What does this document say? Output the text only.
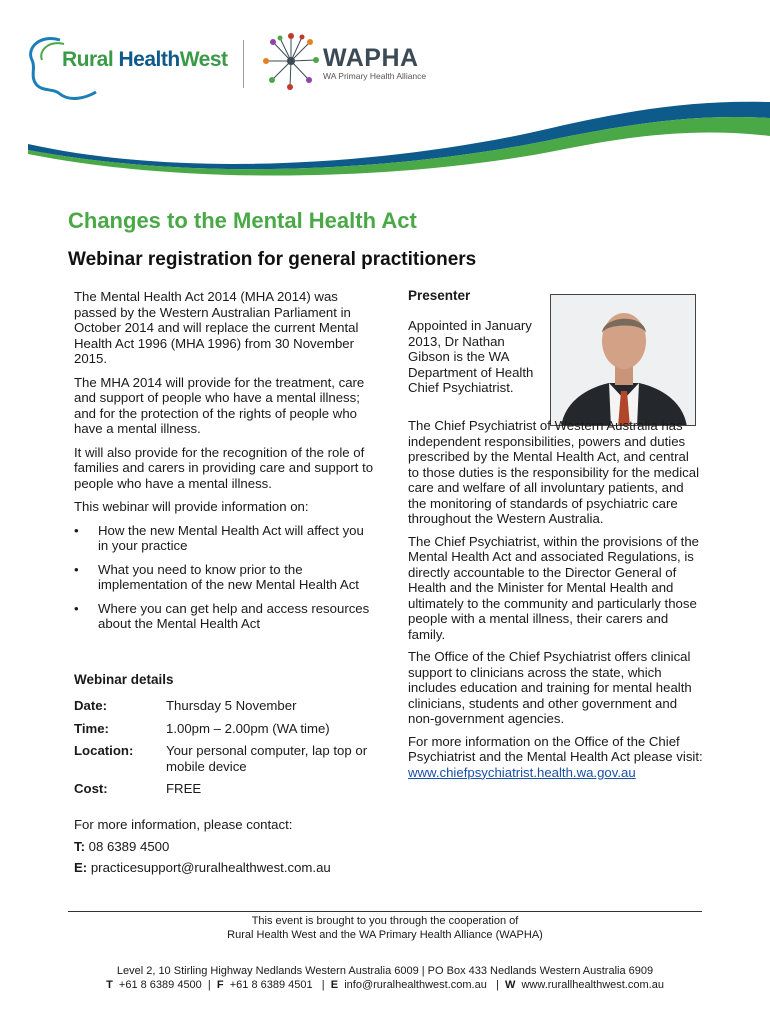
Rural HealthWest	WAPHA
WA Primary Health Alliance
Changes to the Mental Health Act
Webinar registration for general practitioners

The Mental Health Act 2014 (MHA 2014) was passed by the Western Australian Parliament in October 2014 and will replace the current Mental Health Act 1996 (MHA 1996) from 30 November 2015.

The MHA 2014 will provide for the treatment, care and support of people who have a mental illness; and for the protection of the rights of people who have a mental illness.

It will also provide for the recognition of the role of families and carers in providing care and support to people who have a mental illness.

This webinar will provide information on:

• How the new Mental Health Act will affect you in your practice
• What you need to know prior to the implementation of the new Mental Health Act
• Where you can get help and access resources about the Mental Health Act
Webinar details
Date:	Thursday 5 November
Time:	1.00pm – 2.00pm (WA time)
Location:	Your personal computer, lap top or mobile device
Cost:	FREE

For more information, please contact:

T: 08 6389 4500

E: practicesupport@ruralhealthwest.com.au

Presenter
Appointed in January 2013, Dr Nathan Gibson is the WA Department of Health Chief Psychiatrist.

The Chief Psychiatrist of Western Australia has independent responsibilities, powers and duties prescribed by the Mental Health Act, and central to those duties is the responsibility for the medical care and welfare of all involuntary patients, and the monitoring of standards of psychiatric care throughout the Western Australia.

The Chief Psychiatrist, within the provisions of the Mental Health Act and associated Regulations, is directly accountable to the Director General of Health and the Minister for Mental Health and ultimately to the community and particularly those people with a mental illness, their carers and family.

The Office of the Chief Psychiatrist offers clinical support to clinicians across the state, which includes education and training for mental health clinicians, students and other government and non-government agencies.

For more information on the Office of the Chief Psychiatrist and the Mental Health Act please visit:
www.chiefpsychiatrist.health.wa.gov.au

This event is brought to you through the cooperation of
Rural Health West and the WA Primary Health Alliance (WAPHA)
Level 2, 10 Stirling Highway Nedlands Western Australia 6009 | PO Box 433 Nedlands Western Australia 6909
T  +61 8 6389 4500  |  F  +61 8 6389 4501   |  E  info@ruralhealthwest.com.au   |  W  www.rurallhealthwest.com.au
